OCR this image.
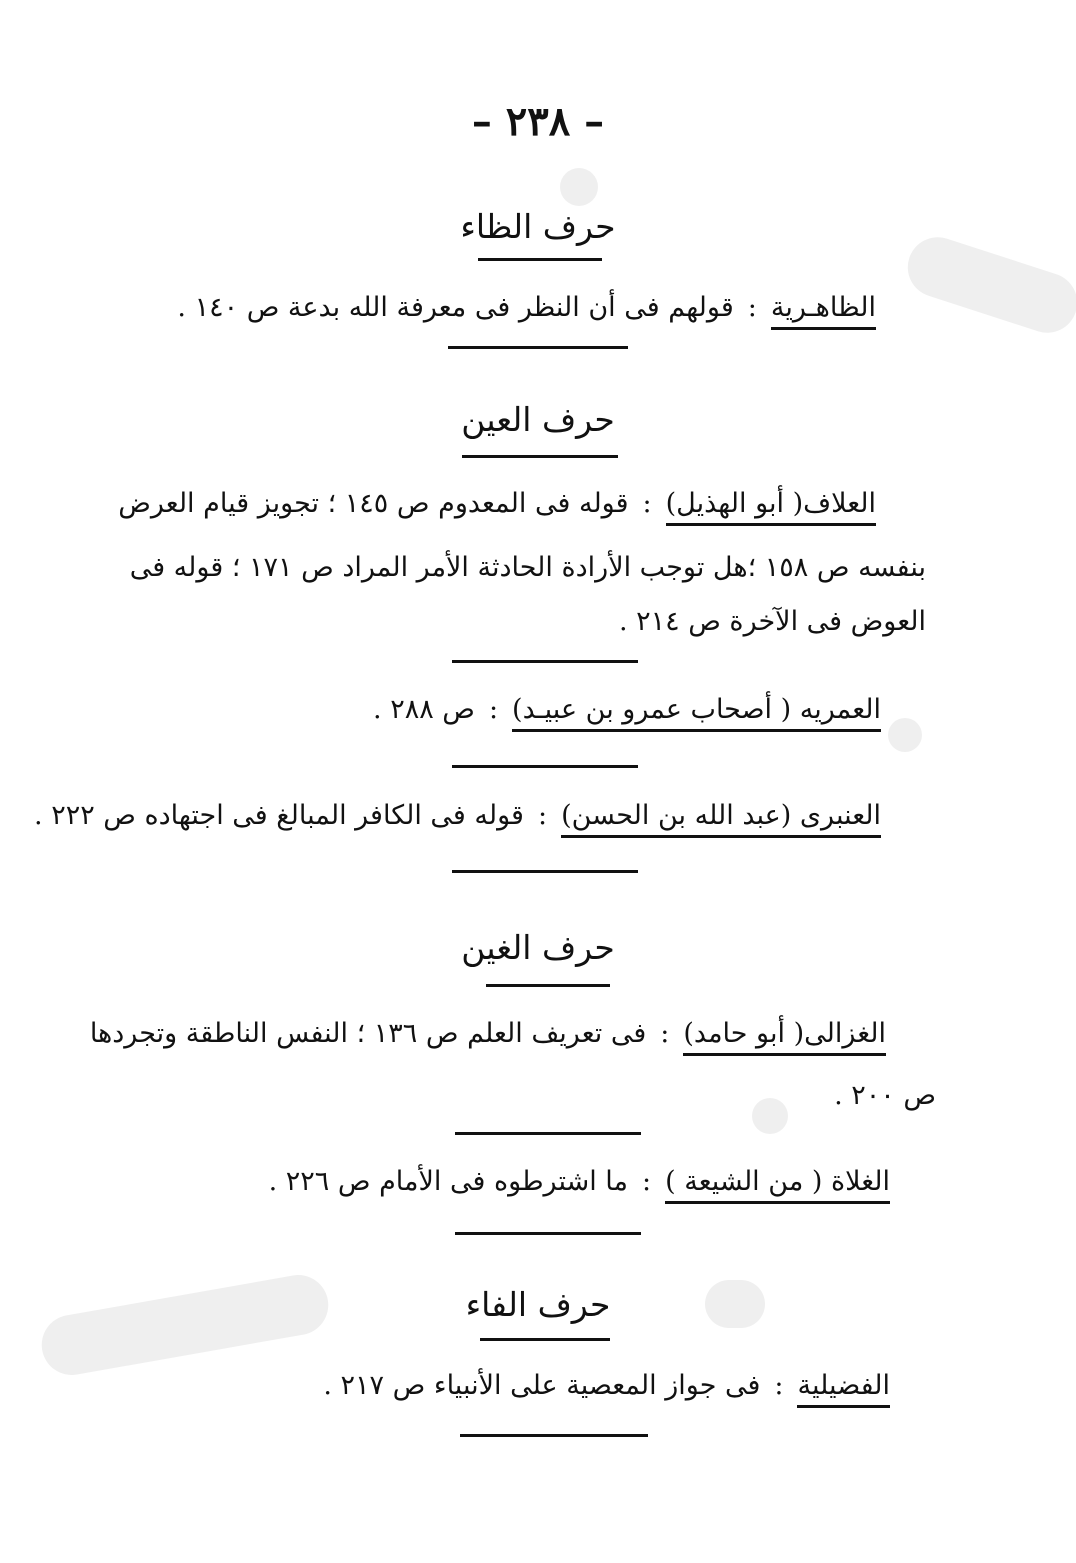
– ٢٣٨ –
حرف الظاء
الظاهـرية:قولهم فى أن النظر فى معرفة الله بدعة ص ١٤٠ .
حرف العين
العلاف( أبو الهذيل):قوله فى المعدوم ص ١٤٥ ؛ تجويز قيام العرض
بنفسه ص ١٥٨ ؛هل توجب الأرادة الحادثة الأمر المراد ص ١٧١ ؛ قوله فى
العوض فى الآخرة ص ٢١٤ .
العمريه ( أصحاب عمرو بن عبيـد):ص ٢٨٨ .
العنبرى (عبد الله بن الحسن):قوله فى الكافر المبالغ فى اجتهاده ص ٢٢٢ .
حرف الغين
الغزالى( أبو حامد):فى تعريف العلم ص ١٣٦ ؛ النفس الناطقة وتجردها
ص ٢٠٠ .
الغلاة ( من الشيعة ):ما اشترطوه فى الأمام ص ٢٢٦ .
حرف الفاء
الفضيلية:فى جواز المعصية على الأنبياء ص ٢١٧ .
